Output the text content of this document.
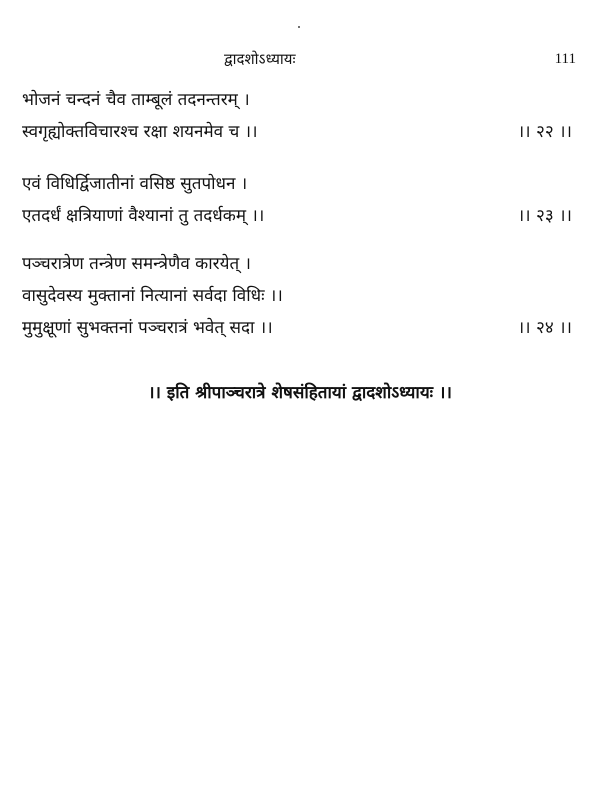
द्वादशोऽध्यायः	111
भोजनं चन्दनं चैव ताम्बूलं तदनन्तरम् ।
स्वगृह्योक्तविचारश्च रक्षा शयनमेव च ।।	।। २२ ।।
एवं विधिर्द्विजातीनां वसिष्ठ सुतपोधन ।
एतदर्धं क्षत्रियाणां वैश्यानां तु तदर्धकम् ।।	।। २३ ।।
पञ्चरात्रेण तन्त्रेण समन्त्रेणैव कारयेत् ।
वासुदेवस्य मुक्तानां नित्यानां सर्वदा विधिः ।।
मुमुक्षूणां सुभक्तनां पञ्चरात्रं भवेत् सदा ।।	।। २४ ।।
।। इति श्रीपाञ्चरात्रे शेषसंहितायां द्वादशोऽध्यायः ।।
